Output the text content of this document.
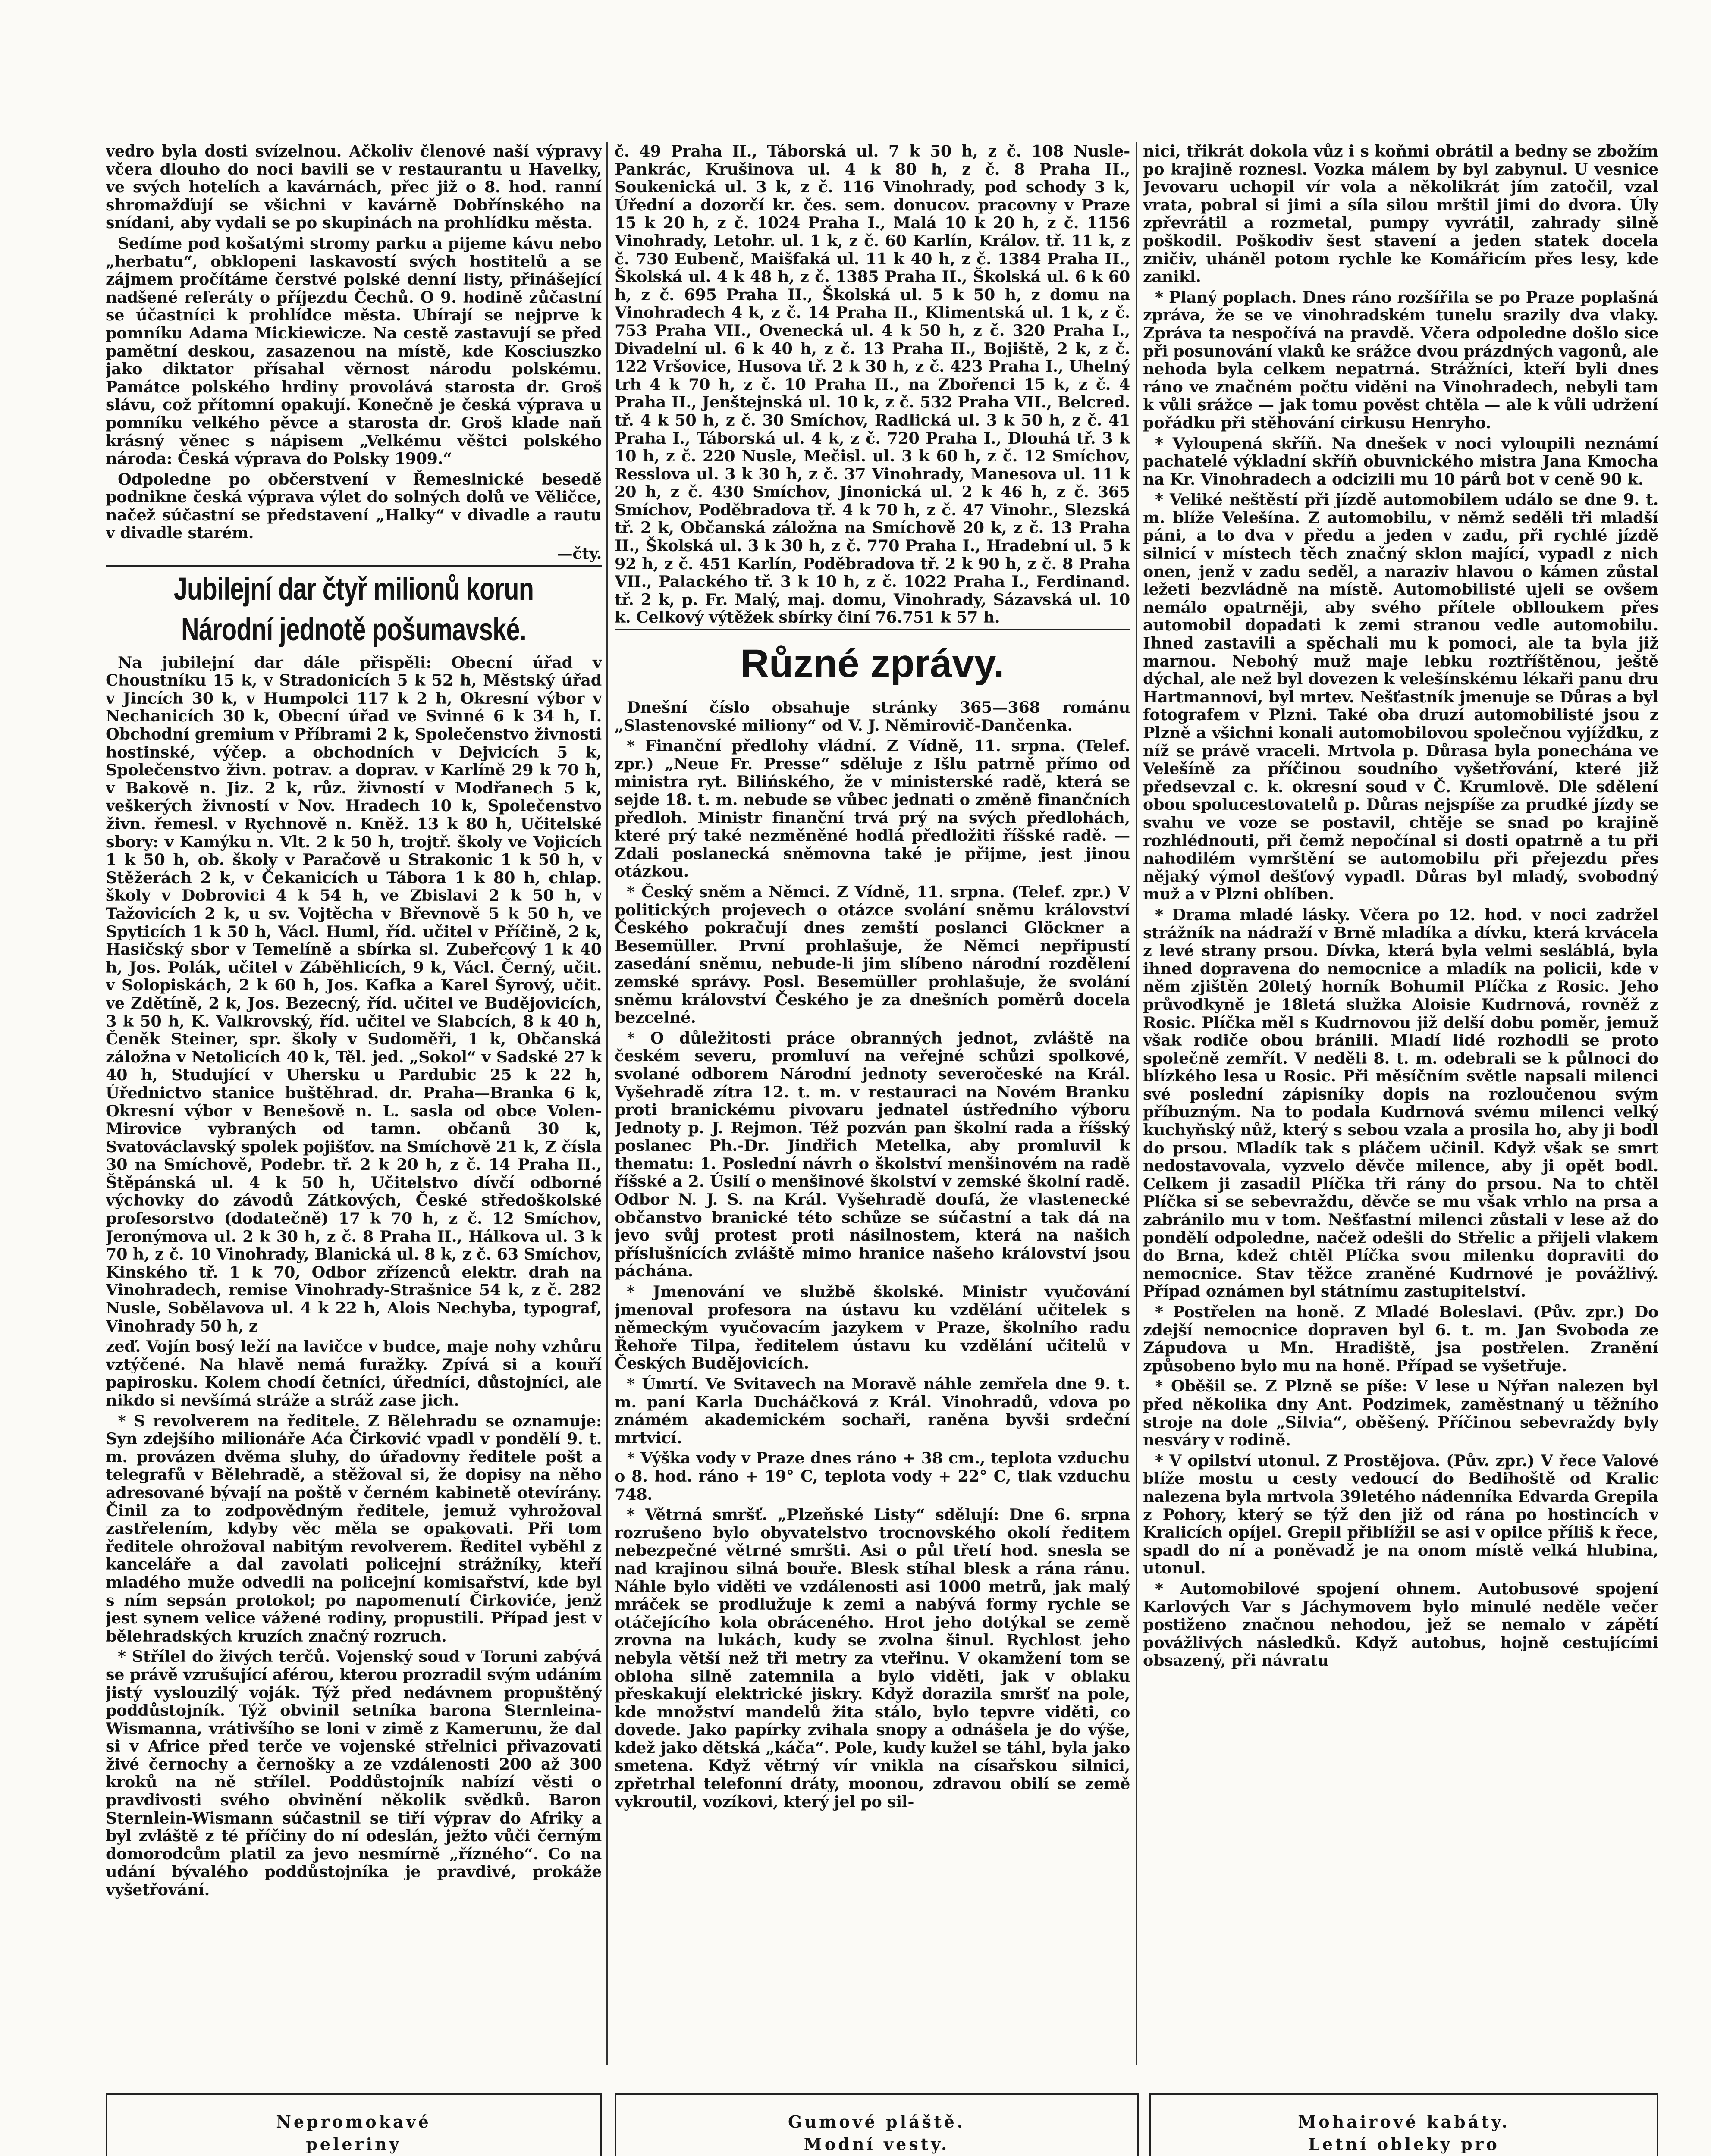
vedro byla dosti svízelnou. Ačkoliv členové naší výpravy včera dlouho do noci bavili se v restaurantu u Havelky, ve svých hotelích a kavárnách, přec již o 8. hod. ranní shromažďují se všichni v kavárně Dobřínského na snídani, aby vydali se po skupinách na prohlídku města.

Sedíme pod košatými stromy parku a pijeme kávu nebo „herbatu“, obklopeni laskavostí svých hostitelů a se zájmem pročítáme čerstvé polské denní listy, přinášející nadšené referáty o příjezdu Čechů. O 9. hodině zůčastní se účastníci k prohlídce města. Ubírají se nejprve k pomníku Adama Mickiewicze. Na cestě zastavují se před pamětní deskou, zasazenou na místě, kde Kosciuszko jako diktator přísahal věrnost národu polskému. Památce polského hrdiny provolává starosta dr. Groš slávu, což přítomní opakují. Konečně je česká výprava u pomníku velkého pěvce a starosta dr. Groš klade naň krásný věnec s nápisem „Velkému věštci polského národa: Česká výprava do Polsky 1909.“

Odpoledne po občerstvení v Řemeslnické besedě podnikne česká výprava výlet do solných dolů ve Věličce, načež súčastní se představení „Halky“ v divadle a rautu v divadle starém.

—čty.

Jubilejní dar čtyř milionů korun
Národní jednotě pošumavské.

Na jubilejní dar dále přispěli: Obecní úřad v Choustníku 15 k, v Stradonicích 5 k 52 h, Městský úřad v Jincích 30 k, v Humpolci 117 k 2 h, Okresní výbor v Nechanicích 30 k, Obecní úřad ve Svinné 6 k 34 h, I. Obchodní gremium v Příbrami 2 k, Společenstvo živnosti hostinské, výčep. a obchodních v Dejvicích 5 k, Společenstvo živn. potrav. a doprav. v Karlíně 29 k 70 h, v Bakově n. Jiz. 2 k, růz. živností v Modřanech 5 k, veškerých živností v Nov. Hradech 10 k, Společenstvo živn. řemesl. v Rychnově n. Kněž. 13 k 80 h, Učitelské sbory: v Kamýku n. Vlt. 2 k 50 h, trojtř. školy ve Vojicích 1 k 50 h, ob. školy v Paračově u Strakonic 1 k 50 h, v Stěžerách 2 k, v Čekanicích u Tábora 1 k 80 h, chlap. školy v Dobrovici 4 k 54 h, ve Zbislavi 2 k 50 h, v Tažovicích 2 k, u sv. Vojtěcha v Břevnově 5 k 50 h, ve Spyticích 1 k 50 h, Václ. Huml, říd. učitel v Příčině, 2 k, Hasičský sbor v Temelíně a sbírka sl. Zubeřcový 1 k 40 h, Jos. Polák, učitel v Záběhlicích, 9 k, Václ. Černý, učit. v Solopiskách, 2 k 60 h, Jos. Kafka a Karel Šyrový, učit. ve Zdětíně, 2 k, Jos. Bezecný, říd. učitel ve Budějovicích, 3 k 50 h, K. Valkrovský, říd. učitel ve Slabcích, 8 k 40 h, Čeněk Steiner, spr. školy v Sudoměři, 1 k, Občanská záložna v Netolicích 40 k, Těl. jed. „Sokol“ v Sadské 27 k 40 h, Studující v Uhersku u Pardubic 25 k 22 h, Úřednictvo stanice buštěhrad. dr. Praha—Branka 6 k, Okresní výbor v Benešově n. L. sasla od obce Volen-Mirovice vybraných od tamn. občanů 30 k, Svatováclavský spolek pojišťov. na Smíchově 21 k, Z čísla 30 na Smíchově, Podebr. tř. 2 k 20 h, z č. 14 Praha II., Štěpánská ul. 4 k 50 h, Učitelstvo dívčí odborné výchovky do závodů Zátkových, České středoškolské profesorstvo (dodatečně) 17 k 70 h, z č. 12 Smíchov, Jeronýmova ul. 2 k 30 h, z č. 8 Praha II., Hálkova ul. 3 k 70 h, z č. 10 Vinohrady, Blanická ul. 8 k, z č. 63 Smíchov, Kinského tř. 1 k 70, Odbor zřízenců elektr. drah na Vinohradech, remise Vinohrady-Strašnice 54 k, z č. 282 Nusle, Sobělavova ul. 4 k 22 h, Alois Nechyba, typograf, Vinohrady 50 h, z

zeď. Vojín bosý leží na lavičce v budce, maje nohy vzhůru vztýčené. Na hlavě nemá furažky. Zpívá si a kouří papirosku. Kolem chodí četníci, úředníci, důstojníci, ale nikdo si nevšímá stráže a stráž zase jich.

* S revolverem na ředitele. Z Bělehradu se oznamuje: Syn zdejšího milionáře Aća Čirković vpadl v pondělí 9. t. m. provázen dvěma sluhy, do úřadovny ředitele pošt a telegrafů v Bělehradě, a stěžoval si, že dopisy na něho adresované bývají na poště v černém kabinetě otevírány. Činil za to zodpovědným ředitele, jemuž vyhrožoval zastřelením, kdyby věc měla se opakovati. Při tom ředitele ohrožoval nabitým revolverem. Ředitel vyběhl z kanceláře a dal zavolati policejní strážníky, kteří mladého muže odvedli na policejní komisařství, kde byl s ním sepsán protokol; po napomenutí Čirkoviće, jenž jest synem velice vážené rodiny, propustili. Případ jest v bělehradských kruzích značný rozruch.

* Střílel do živých terčů. Vojenský soud v Toruni zabývá se právě vzrušující aférou, kterou prozradil svým udáním jistý vyslouzilý voják. Týž před nedávnem propuštěný poddůstojník. Týž obvinil setníka barona Sternleina-Wismanna, vrátivšího se loni v zimě z Kamerunu, že dal si v Africe před terče ve vojenské střelnici přivazovati živé černochy a černošky a ze vzdálenosti 200 až 300 kroků na ně střílel. Poddůstojník nabízí věsti o pravdivosti svého obvinění několik svědků. Baron Sternlein-Wismann súčastnil se tiří výprav do Afriky a byl zvláště z té příčiny do ní odeslán, ježto vůči černým domorodcům platil za jevo nesmírně „řízného“. Co na udání bývalého poddůstojníka je pravdivé, prokáže vyšetřování.

č. 49 Praha II., Táborská ul. 7 k 50 h, z č. 108 Nusle-Pankrác, Krušinova ul. 4 k 80 h, z č. 8 Praha II., Soukenická ul. 3 k, z č. 116 Vinohrady, pod schody 3 k, Úřední a dozorčí kr. čes. sem. donucov. pracovny v Praze 15 k 20 h, z č. 1024 Praha I., Malá 10 k 20 h, z č. 1156 Vinohrady, Letohr. ul. 1 k, z č. 60 Karlín, Králov. tř. 11 k, z č. 730 Eubenč, Maišfaká ul. 11 k 40 h, z č. 1384 Praha II., Školská ul. 4 k 48 h, z č. 1385 Praha II., Školská ul. 6 k 60 h, z č. 695 Praha II., Školská ul. 5 k 50 h, z domu na Vinohradech 4 k, z č. 14 Praha II., Klimentská ul. 1 k, z č. 753 Praha VII., Ovenecká ul. 4 k 50 h, z č. 320 Praha I., Divadelní ul. 6 k 40 h, z č. 13 Praha II., Bojiště, 2 k, z č. 122 Vršovice, Husova tř. 2 k 30 h, z č. 423 Praha I., Uhelný trh 4 k 70 h, z č. 10 Praha II., na Zbořenci 15 k, z č. 4 Praha II., Jenštejnská ul. 10 k, z č. 532 Praha VII., Belcred. tř. 4 k 50 h, z č. 30 Smíchov, Radlická ul. 3 k 50 h, z č. 41 Praha I., Táborská ul. 4 k, z č. 720 Praha I., Dlouhá tř. 3 k 10 h, z č. 220 Nusle, Mečisl. ul. 3 k 60 h, z č. 12 Smíchov, Resslova ul. 3 k 30 h, z č. 37 Vinohrady, Manesova ul. 11 k 20 h, z č. 430 Smíchov, Jinonická ul. 2 k 46 h, z č. 365 Smíchov, Poděbradova tř. 4 k 70 h, z č. 47 Vinohr., Slezská tř. 2 k, Občanská záložna na Smíchově 20 k, z č. 13 Praha II., Školská ul. 3 k 30 h, z č. 770 Praha I., Hradební ul. 5 k 92 h, z č. 451 Karlín, Poděbradova tř. 2 k 90 h, z č. 8 Praha VII., Palackého tř. 3 k 10 h, z č. 1022 Praha I., Ferdinand. tř. 2 k, p. Fr. Malý, maj. domu, Vinohrady, Sázavská ul. 10 k. Celkový výtěžek sbírky činí 76.751 k 57 h.

Různé zprávy.

Dnešní číslo obsahuje stránky 365—368 románu „Slastenovské miliony“ od V. J. Němirovič-Dančenka.

* Finanční předlohy vládní. Z Vídně, 11. srpna. (Telef. zpr.) „Neue Fr. Presse“ sděluje z Išlu patrně přímo od ministra ryt. Bilińského, že v ministerské radě, která se sejde 18. t. m. nebude se vůbec jednati o změně finančních předloh. Ministr finanční trvá prý na svých předlohách, které prý také nezměněné hodlá předložiti říšské radě. — Zdali poslanecká sněmovna také je přijme, jest jinou otázkou.

* Český sněm a Němci. Z Vídně, 11. srpna. (Telef. zpr.) V politických projevech o otázce svolání sněmu království Českého pokračují dnes zemští poslanci Glöckner a Besemüller. První prohlašuje, že Němci nepřipustí zasedání sněmu, nebude-li jim slíbeno národní rozdělení zemské správy. Posl. Besemüller prohlašuje, že svolání sněmu království Českého je za dnešních poměrů docela bezcelné.

* O důležitosti práce obranných jednot, zvláště na českém severu, promluví na veřejné schůzi spolkové, svolané odborem Národní jednoty severočeské na Král. Vyšehradě zítra 12. t. m. v restauraci na Novém Branku proti branickému pivovaru jednatel ústředního výboru Jednoty p. J. Rejmon. Též pozván pan školní rada a říšský poslanec Ph.-Dr. Jindřich Metelka, aby promluvil k thematu: 1. Poslední návrh o školství menšinovém na radě říšské a 2. Úsilí o menšinové školství v zemské školní radě. Odbor N. J. S. na Král. Vyšehradě doufá, že vlastenecké občanstvo branické této schůze se súčastní a tak dá na jevo svůj protest proti násilnostem, která na našich příslušnících zvláště mimo hranice našeho království jsou páchána.

* Jmenování ve službě školské. Ministr vyučování jmenoval profesora na ústavu ku vzdělání učitelek s německým vyučovacím jazykem v Praze, školního radu Řehoře Tilpa, ředitelem ústavu ku vzdělání učitelů v Českých Budějovicích.

* Úmrtí. Ve Svitavech na Moravě náhle zemřela dne 9. t. m. paní Karla Ducháčková z Král. Vinohradů, vdova po známém akademickém sochaři, raněna byvši srdeční mrtvicí.

* Výška vody v Praze dnes ráno + 38 cm., teplota vzduchu o 8. hod. ráno + 19° C, teplota vody + 22° C, tlak vzduchu 748.

* Větrná smršť. „Plzeňské Listy“ sdělují: Dne 6. srpna rozrušeno bylo obyvatelstvo trocnovského okolí ředitem nebezpečné větrné smršti. Asi o půl třetí hod. snesla se nad krajinou silná bouře. Blesk stíhal blesk a rána ránu. Náhle bylo viděti ve vzdálenosti asi 1000 metrů, jak malý mráček se prodlužuje k zemi a nabývá formy rychle se otáčejícího kola obráceného. Hrot jeho dotýkal se země zrovna na lukách, kudy se zvolna šinul. Rychlost jeho nebyla větší než tři metry za vteřinu. V okamžení tom se obloha silně zatemnila a bylo viděti, jak v oblaku přeskakují elektrické jiskry. Když dorazila smršť na pole, kde množství mandelů žita stálo, bylo tepvre viděti, co dovede. Jako papírky zvihala snopy a odnášela je do výše, kdež jako dětská „káča“. Pole, kudy kužel se táhl, byla jako smetena. Když větrný vír vnikla na císařskou silnici, zpřetrhal telefonní dráty, moonou, zdravou obilí se země vykroutil, vozíkovi, který jel po sil-

nici, třikrát dokola vůz i s koňmi obrátil a bedny se zbožím po krajině roznesl. Vozka málem by byl zabynul. U vesnice Jevovaru uchopil vír vola a několikrát jím zatočil, vzal vrata, pobral si jimi a síla silou mrštil jimi do dvora. Úly zpřevrátil a rozmetal, pumpy vyvrátil, zahrady silně poškodil. Poškodiv šest stavení a jeden statek docela zničiv, uháněl potom rychle ke Komářicím přes lesy, kde zanikl.

* Planý poplach. Dnes ráno rozšířila se po Praze poplašná zpráva, že se ve vinohradském tunelu srazily dva vlaky. Zpráva ta nespočívá na pravdě. Včera odpoledne došlo sice při posunování vlaků ke srážce dvou prázdných vagonů, ale nehoda byla celkem nepatrná. Strážníci, kteří byli dnes ráno ve značném počtu viděni na Vinohradech, nebyli tam k vůli srážce — jak tomu pověst chtěla — ale k vůli udržení pořádku při stěhování cirkusu Henryho.

* Vyloupená skříň. Na dnešek v noci vyloupili neznámí pachatelé výkladní skříň obuvnického mistra Jana Kmocha na Kr. Vinohradech a odcizili mu 10 párů bot v ceně 90 k.

* Veliké neštěstí při jízdě automobilem událo se dne 9. t. m. blíže Velešína. Z automobilu, v němž seděli tři mladší páni, a to dva v předu a jeden v zadu, při rychlé jízdě silnicí v místech těch značný sklon mající, vypadl z nich onen, jenž v zadu seděl, a naraziv hlavou o kámen zůstal ležeti bezvládně na místě. Automobilisté ujeli se ovšem nemálo opatrněji, aby svého přítele oblloukem přes automobil dopadati k zemi stranou vedle automobilu. Ihned zastavili a spěchali mu k pomoci, ale ta byla již marnou. Nebohý muž maje lebku roztříštěnou, ještě dýchal, ale než byl dovezen k velešínskému lékaři panu dru Hartmannovi, byl mrtev. Nešťastník jmenuje se Důras a byl fotografem v Plzni. Také oba druzí automobilisté jsou z Plzně a všichni konali automobilovou společnou vyjížďku, z níž se právě vraceli. Mrtvola p. Důrasa byla ponechána ve Velešíně za příčinou soudního vyšetřování, které již předsevzal c. k. okresní soud v Č. Krumlově. Dle sdělení obou spolucestovatelů p. Důras nejspíše za prudké jízdy se svahu ve voze se postavil, chtěje se snad po krajině rozhlédnouti, při čemž nepočínal si dosti opatrně a tu při nahodilém vymrštění se automobilu při přejezdu přes nějaký výmol dešťový vypadl. Důras byl mladý, svobodný muž a v Plzni oblíben.

* Drama mladé lásky. Včera po 12. hod. v noci zadržel strážník na nádraží v Brně mladíka a dívku, která krvácela z levé strany prsou. Dívka, která byla velmi sesláblá, byla ihned dopravena do nemocnice a mladík na policii, kde v něm zjištěn 20letý horník Bohumil Plíčka z Rosic. Jeho průvodkyně je 18letá služka Aloisie Kudrnová, rovněž z Rosic. Plíčka měl s Kudrnovou již delší dobu poměr, jemuž však rodiče obou bránili. Mladí lidé rozhodli se proto společně zemřít. V neděli 8. t. m. odebrali se k půlnoci do blízkého lesa u Rosic. Při měsíčním světle napsali milenci své poslední zápisníky dopis na rozloučenou svým příbuzným. Na to podala Kudrnová svému milenci velký kuchyňský nůž, který s sebou vzala a prosila ho, aby ji bodl do prsou. Mladík tak s pláčem učinil. Když však se smrt nedostavovala, vyzvelo děvče milence, aby ji opět bodl. Celkem ji zasadil Plíčka tři rány do prsou. Na to chtěl Plíčka si se sebevraždu, děvče se mu však vrhlo na prsa a zabránilo mu v tom. Nešťastní milenci zůstali v lese až do pondělí odpoledne, načež odešli do Střelic a přijeli vlakem do Brna, kdež chtěl Plíčka svou milenku dopraviti do nemocnice. Stav těžce zraněné Kudrnové je povážlivý. Případ oznámen byl státnímu zastupitelství.

* Postřelen na honě. Z Mladé Boleslavi. (Pův. zpr.) Do zdejší nemocnice dopraven byl 6. t. m. Jan Svoboda ze Zápudova u Mn. Hradiště, jsa postřelen. Zranění způsobeno bylo mu na honě. Případ se vyšetřuje.

* Oběšil se. Z Plzně se píše: V lese u Nýřan nalezen byl před několika dny Ant. Podzimek, zaměstnaný u těžního stroje na dole „Silvia“, oběšený. Příčinou sebevraždy byly nesváry v rodině.

* V opilství utonul. Z Prostějova. (Pův. zpr.) V řece Valové blíže mostu u cesty vedoucí do Bedihoště od Kralic nalezena byla mrtvola 39letého nádenníka Edvarda Grepila z Pohory, který se týž den již od rána po hostincích v Kralicích opíjel. Grepil přiblížil se asi v opilce příliš k řece, spadl do ní a poněvadž je na onom místě velká hlubina, utonul.

* Automobilové spojení ohnem. Autobusové spojení Karlových Var s Jáchymovem bylo minulé neděle večer postiženo značnou nehodou, jež se nemalo v zápětí povážlivých následků. Když autobus, hojně cestujícími obsazený, při návratu

Nepromokavé
peleriny
Gumové pláště.
Modní vesty.
Mohairové kabáty.
Letní obleky pro
